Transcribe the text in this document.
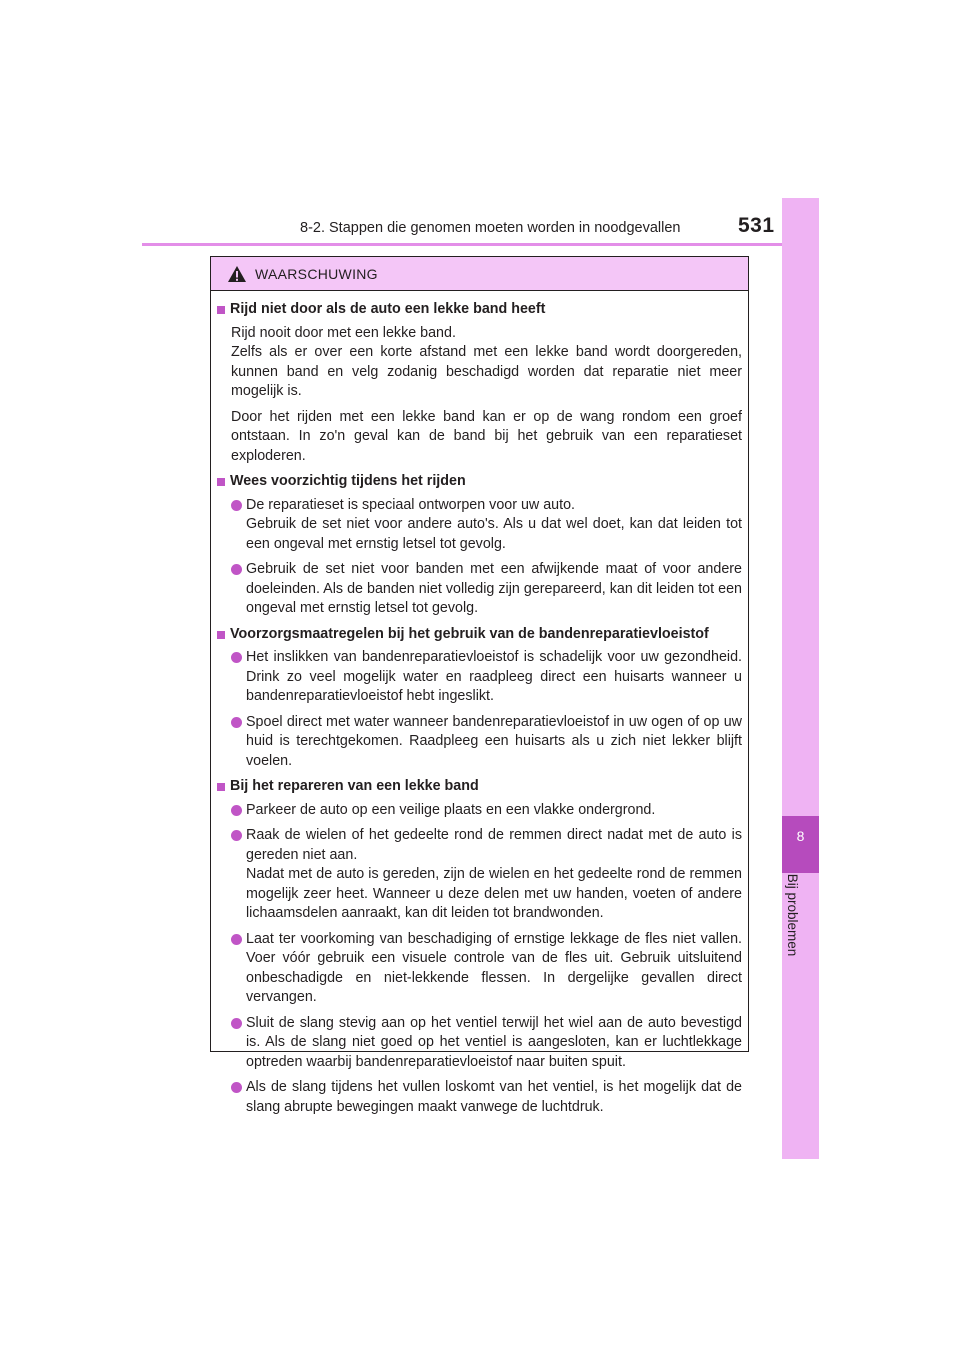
8-2. Stappen die genomen moeten worden in noodgevallen	531
8
Bij problemen
WAARSCHUWING
Rijd niet door als de auto een lekke band heeft
Rijd nooit door met een lekke band.
Zelfs als er over een korte afstand met een lekke band wordt doorgereden, kunnen band en velg zodanig beschadigd worden dat reparatie niet meer mogelijk is.
Door het rijden met een lekke band kan er op de wang rondom een groef ontstaan. In zo'n geval kan de band bij het gebruik van een reparatieset exploderen.
Wees voorzichtig tijdens het rijden
De reparatieset is speciaal ontworpen voor uw auto.
Gebruik de set niet voor andere auto's. Als u dat wel doet, kan dat leiden tot een ongeval met ernstig letsel tot gevolg.
Gebruik de set niet voor banden met een afwijkende maat of voor andere doeleinden. Als de banden niet volledig zijn gerepareerd, kan dit leiden tot een ongeval met ernstig letsel tot gevolg.
Voorzorgsmaatregelen bij het gebruik van de bandenreparatievloeistof
Het inslikken van bandenreparatievloeistof is schadelijk voor uw gezondheid. Drink zo veel mogelijk water en raadpleeg direct een huisarts wanneer u bandenreparatievloeistof hebt ingeslikt.
Spoel direct met water wanneer bandenreparatievloeistof in uw ogen of op uw huid is terechtgekomen. Raadpleeg een huisarts als u zich niet lekker blijft voelen.
Bij het repareren van een lekke band
Parkeer de auto op een veilige plaats en een vlakke ondergrond.
Raak de wielen of het gedeelte rond de remmen direct nadat met de auto is gereden niet aan.
Nadat met de auto is gereden, zijn de wielen en het gedeelte rond de remmen mogelijk zeer heet. Wanneer u deze delen met uw handen, voeten of andere lichaamsdelen aanraakt, kan dit leiden tot brandwonden.
Laat ter voorkoming van beschadiging of ernstige lekkage de fles niet vallen. Voer vóór gebruik een visuele controle van de fles uit. Gebruik uitsluitend onbeschadigde en niet-lekkende flessen. In dergelijke gevallen direct vervangen.
Sluit de slang stevig aan op het ventiel terwijl het wiel aan de auto bevestigd is. Als de slang niet goed op het ventiel is aangesloten, kan er luchtlekkage optreden waarbij bandenreparatievloeistof naar buiten spuit.
Als de slang tijdens het vullen loskomt van het ventiel, is het mogelijk dat de slang abrupte bewegingen maakt vanwege de luchtdruk.
